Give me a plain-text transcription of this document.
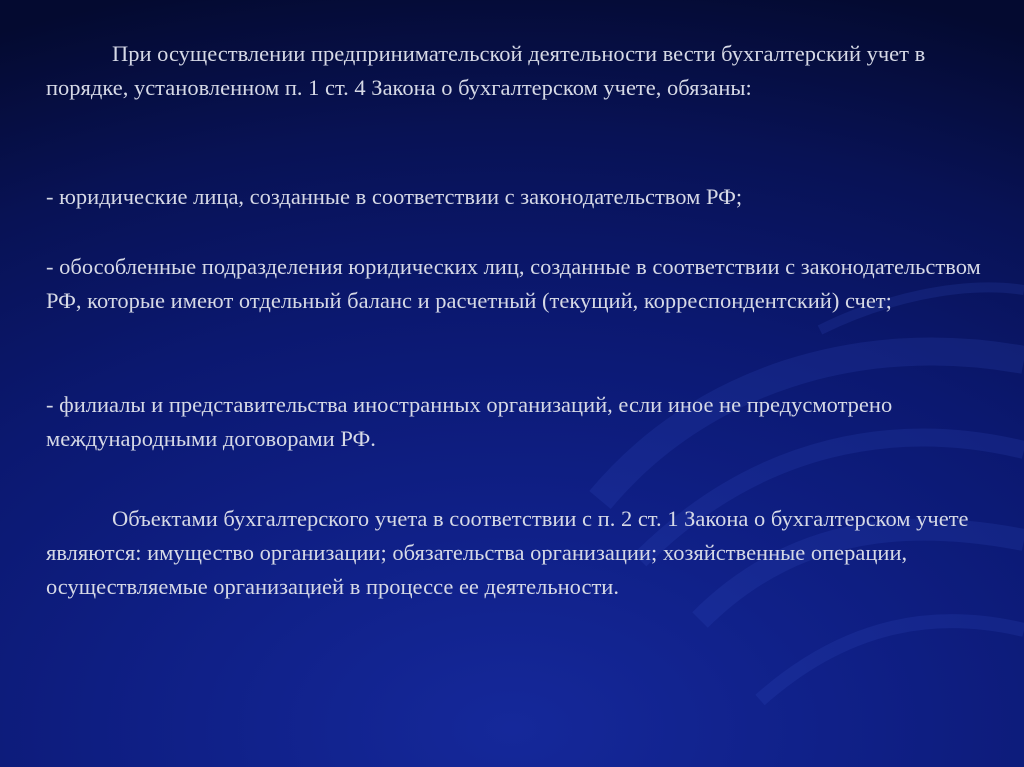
При осуществлении предпринимательской деятельности вести бухгалтерский учет в порядке, установленном п. 1 ст. 4 Закона о бухгалтерском учете, обязаны:

- юридические лица, созданные в соответствии с законодательством РФ;

- обособленные подразделения юридических лиц, созданные в соответствии с законодательством РФ, которые имеют отдельный баланс и расчетный (текущий, корреспондентский) счет;

- филиалы и представительства иностранных организаций, если иное не предусмотрено международными договорами РФ.

Объектами бухгалтерского учета в соответствии с п. 2 ст. 1 Закона о бухгалтерском учете являются: имущество организации; обязательства организации; хозяйственные операции, осуществляемые организацией в процессе ее деятельности.
